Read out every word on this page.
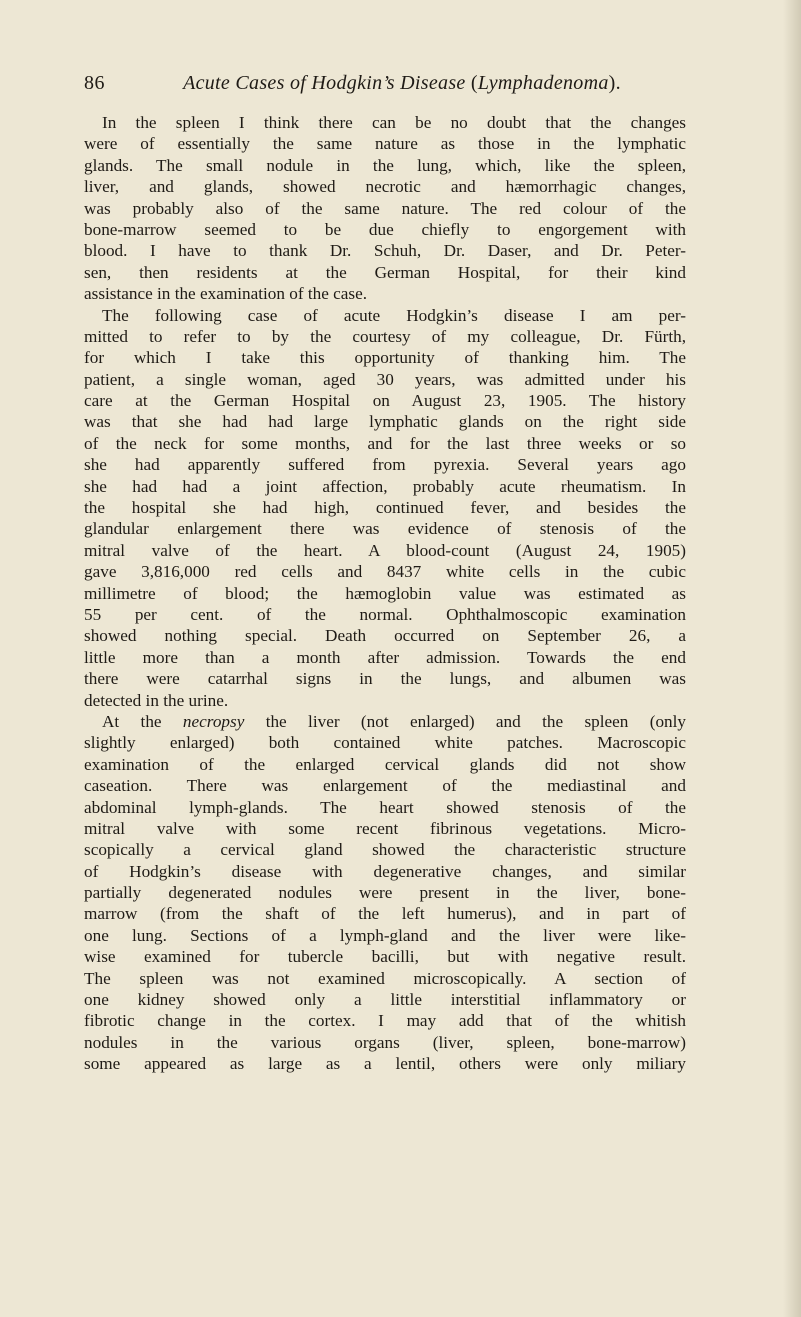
86	Acute Cases of Hodgkin’s Disease (Lymphadenoma).
In the spleen I think there can be no doubt that the changes
were of essentially the same nature as those in the lymphatic
glands. The small nodule in the lung, which, like the spleen,
liver, and glands, showed necrotic and hæmorrhagic changes,
was probably also of the same nature. The red colour of the
bone-marrow seemed to be due chiefly to engorgement with
blood. I have to thank Dr. Schuh, Dr. Daser, and Dr. Peter-
sen, then residents at the German Hospital, for their kind
assistance in the examination of the case.
The following case of acute Hodgkin’s disease I am per-
mitted to refer to by the courtesy of my colleague, Dr. Fürth,
for which I take this opportunity of thanking him. The
patient, a single woman, aged 30 years, was admitted under his
care at the German Hospital on August 23, 1905. The history
was that she had had large lymphatic glands on the right side
of the neck for some months, and for the last three weeks or so
she had apparently suffered from pyrexia. Several years ago
she had had a joint affection, probably acute rheumatism. In
the hospital she had high, continued fever, and besides the
glandular enlargement there was evidence of stenosis of the
mitral valve of the heart. A blood-count (August 24, 1905)
gave 3,816,000 red cells and 8437 white cells in the cubic
millimetre of blood; the hæmoglobin value was estimated as
55 per cent. of the normal. Ophthalmoscopic examination
showed nothing special. Death occurred on September 26, a
little more than a month after admission. Towards the end
there were catarrhal signs in the lungs, and albumen was
detected in the urine.
At the necropsy the liver (not enlarged) and the spleen (only
slightly enlarged) both contained white patches. Macroscopic
examination of the enlarged cervical glands did not show
caseation. There was enlargement of the mediastinal and
abdominal lymph-glands. The heart showed stenosis of the
mitral valve with some recent fibrinous vegetations. Micro-
scopically a cervical gland showed the characteristic structure
of Hodgkin’s disease with degenerative changes, and similar
partially degenerated nodules were present in the liver, bone-
marrow (from the shaft of the left humerus), and in part of
one lung. Sections of a lymph-gland and the liver were like-
wise examined for tubercle bacilli, but with negative result.
The spleen was not examined microscopically. A section of
one kidney showed only a little interstitial inflammatory or
fibrotic change in the cortex. I may add that of the whitish
nodules in the various organs (liver, spleen, bone-marrow)
some appeared as large as a lentil, others were only miliary
